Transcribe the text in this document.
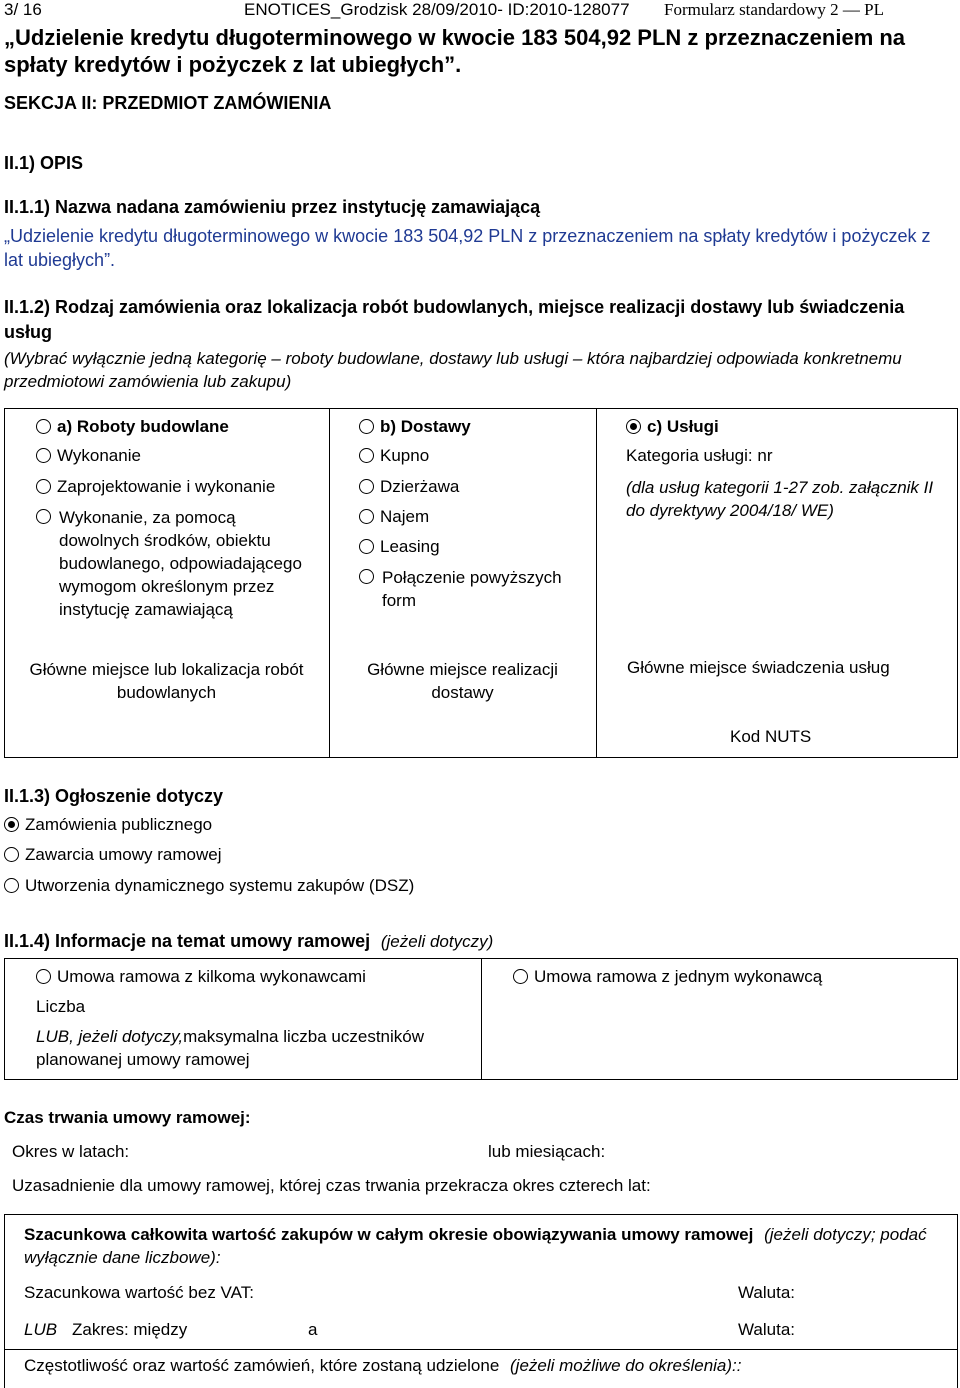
3/ 16	ENOTICES_Grodzisk 28/09/2010- ID:2010-128077 Formularz standardowy 2 — PL
„Udzielenie kredytu długoterminowego w kwocie 183 504,92 PLN z przeznaczeniem na spłaty kredytów i pożyczek z lat ubiegłych”.
SEKCJA II: PRZEDMIOT ZAMÓWIENIA
II.1) OPIS
II.1.1) Nazwa nadana zamówieniu przez instytucję zamawiającą
„Udzielenie kredytu długoterminowego w kwocie 183 504,92 PLN z przeznaczeniem na spłaty kredytów i pożyczek z lat ubiegłych”.
II.1.2) Rodzaj zamówienia oraz lokalizacja robót budowlanych, miejsce realizacji dostawy lub świadczenia usług
(Wybrać wyłącznie jedną kategorię – roboty budowlane, dostawy lub usługi – która najbardziej odpowiada konkretnemu przedmiotowi zamówienia lub zakupu)
a) Roboty budowlane
Wykonanie
Zaprojektowanie i wykonanie
Wykonanie, za pomocą dowolnych środków, obiektu budowlanego, odpowiadającego wymogom określonym przez instytucję zamawiającą
Główne miejsce lub lokalizacja robót budowlanych
b) Dostawy
Kupno
Dzierżawa
Najem
Leasing
Połączenie powyższych form
Główne miejsce realizacji dostawy
c) Usługi
Kategoria usługi: nr
(dla usług kategorii 1-27 zob. załącznik II do dyrektywy 2004/18/ WE)
Główne miejsce świadczenia usług
Kod NUTS
II.1.3) Ogłoszenie dotyczy
Zamówienia publicznego
Zawarcia umowy ramowej
Utworzenia dynamicznego systemu zakupów (DSZ)
II.1.4) Informacje na temat umowy ramowej (jeżeli dotyczy)
Umowa ramowa z kilkoma wykonawcami
Liczba
LUB, jeżeli dotyczy,maksymalna liczba uczestników planowanej umowy ramowej
Umowa ramowa z jednym wykonawcą
Czas trwania umowy ramowej:
Okres w latach:	lub miesiącach:
Uzasadnienie dla umowy ramowej, której czas trwania przekracza okres czterech lat:
Szacunkowa całkowita wartość zakupów w całym okresie obowiązywania umowy ramowej (jeżeli dotyczy; podać wyłącznie dane liczbowe):
Szacunkowa wartość bez VAT:	Waluta:
LUB Zakres: między	a	Waluta:
Częstotliwość oraz wartość zamówień, które zostaną udzielone (jeżeli możliwe do określenia)::
